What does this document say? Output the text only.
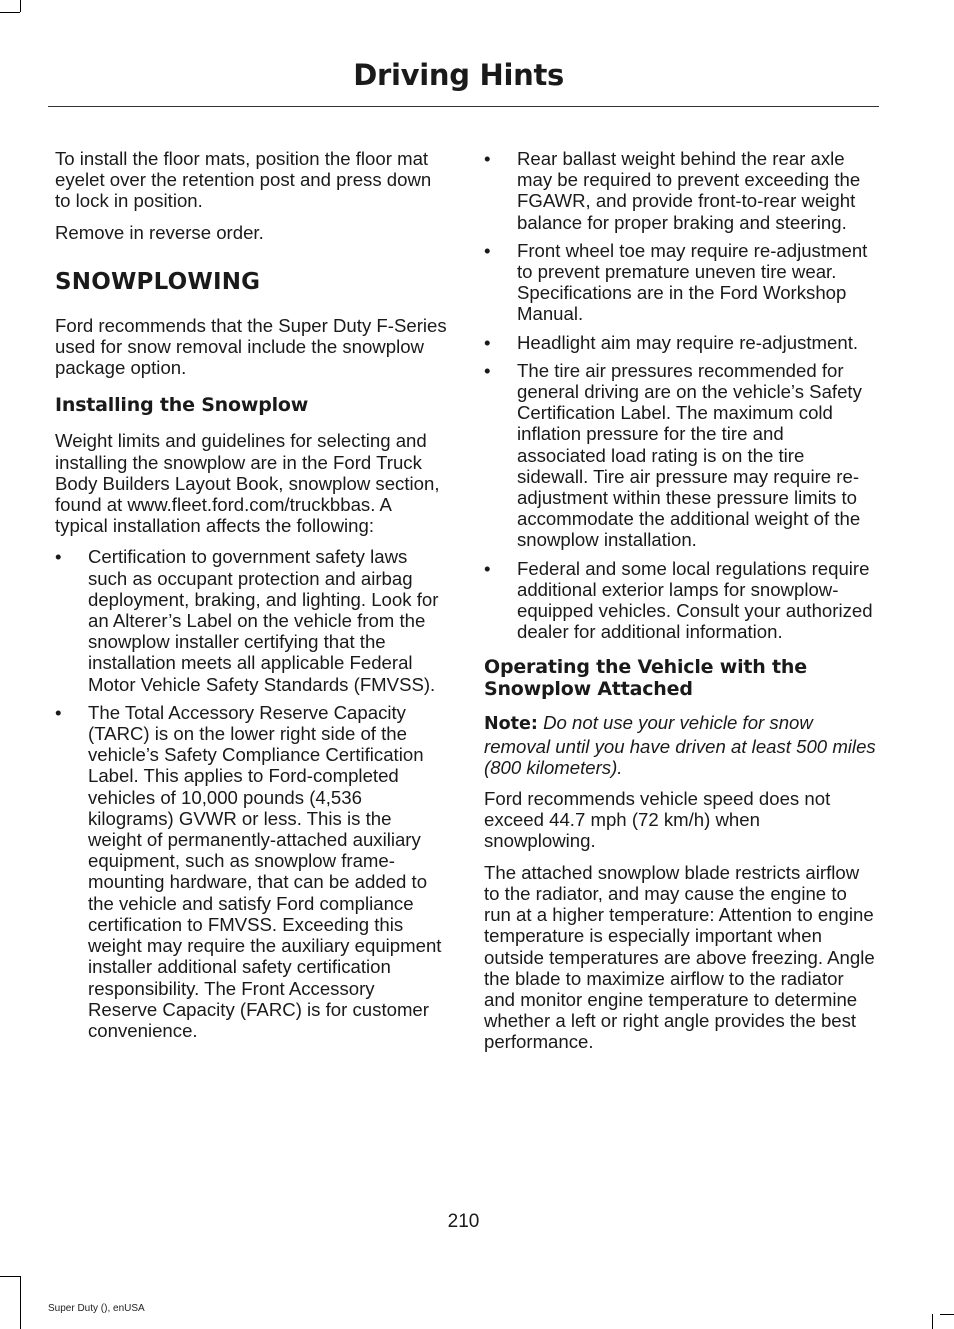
Driving Hints

To install the floor mats, position the floor mat eyelet over the retention post and press down to lock in position.

Remove in reverse order.

SNOWPLOWING

Ford recommends that the Super Duty F-Series used for snow removal include the snowplow package option.

Installing the Snowplow

Weight limits and guidelines for selecting and installing the snowplow are in the Ford Truck Body Builders Layout Book, snowplow section, found at www.fleet.ford.com/truckbbas. A typical installation affects the following:

• Certification to government safety laws such as occupant protection and airbag deployment, braking, and lighting. Look for an Alterer’s Label on the vehicle from the snowplow installer certifying that the installation meets all applicable Federal Motor Vehicle Safety Standards (FMVSS).
• The Total Accessory Reserve Capacity (TARC) is on the lower right side of the vehicle’s Safety Compliance Certification Label. This applies to Ford-completed vehicles of 10,000 pounds (4,536 kilograms) GVWR or less. This is the weight of permanently-attached auxiliary equipment, such as snowplow frame-mounting hardware, that can be added to the vehicle and satisfy Ford compliance certification to FMVSS. Exceeding this weight may require the auxiliary equipment installer additional safety certification responsibility. The Front Accessory Reserve Capacity (FARC) is for customer convenience.
• Rear ballast weight behind the rear axle may be required to prevent exceeding the FGAWR, and provide front-to-rear weight balance for proper braking and steering.
• Front wheel toe may require re-adjustment to prevent premature uneven tire wear. Specifications are in the Ford Workshop Manual.
• Headlight aim may require re-adjustment.
• The tire air pressures recommended for general driving are on the vehicle’s Safety Certification Label. The maximum cold inflation pressure for the tire and associated load rating is on the tire sidewall. Tire air pressure may require re-adjustment within these pressure limits to accommodate the additional weight of the snowplow installation.
• Federal and some local regulations require additional exterior lamps for snowplow-equipped vehicles. Consult your authorized dealer for additional information.
Operating the Vehicle with the Snowplow Attached

Note: Do not use your vehicle for snow removal until you have driven at least 500 miles (800 kilometers).

Ford recommends vehicle speed does not exceed 44.7 mph (72 km/h) when snowplowing.

The attached snowplow blade restricts airflow to the radiator, and may cause the engine to run at a higher temperature: Attention to engine temperature is especially important when outside temperatures are above freezing. Angle the blade to maximize airflow to the radiator and monitor engine temperature to determine whether a left or right angle provides the best performance.

210
Super Duty (), enUSA
